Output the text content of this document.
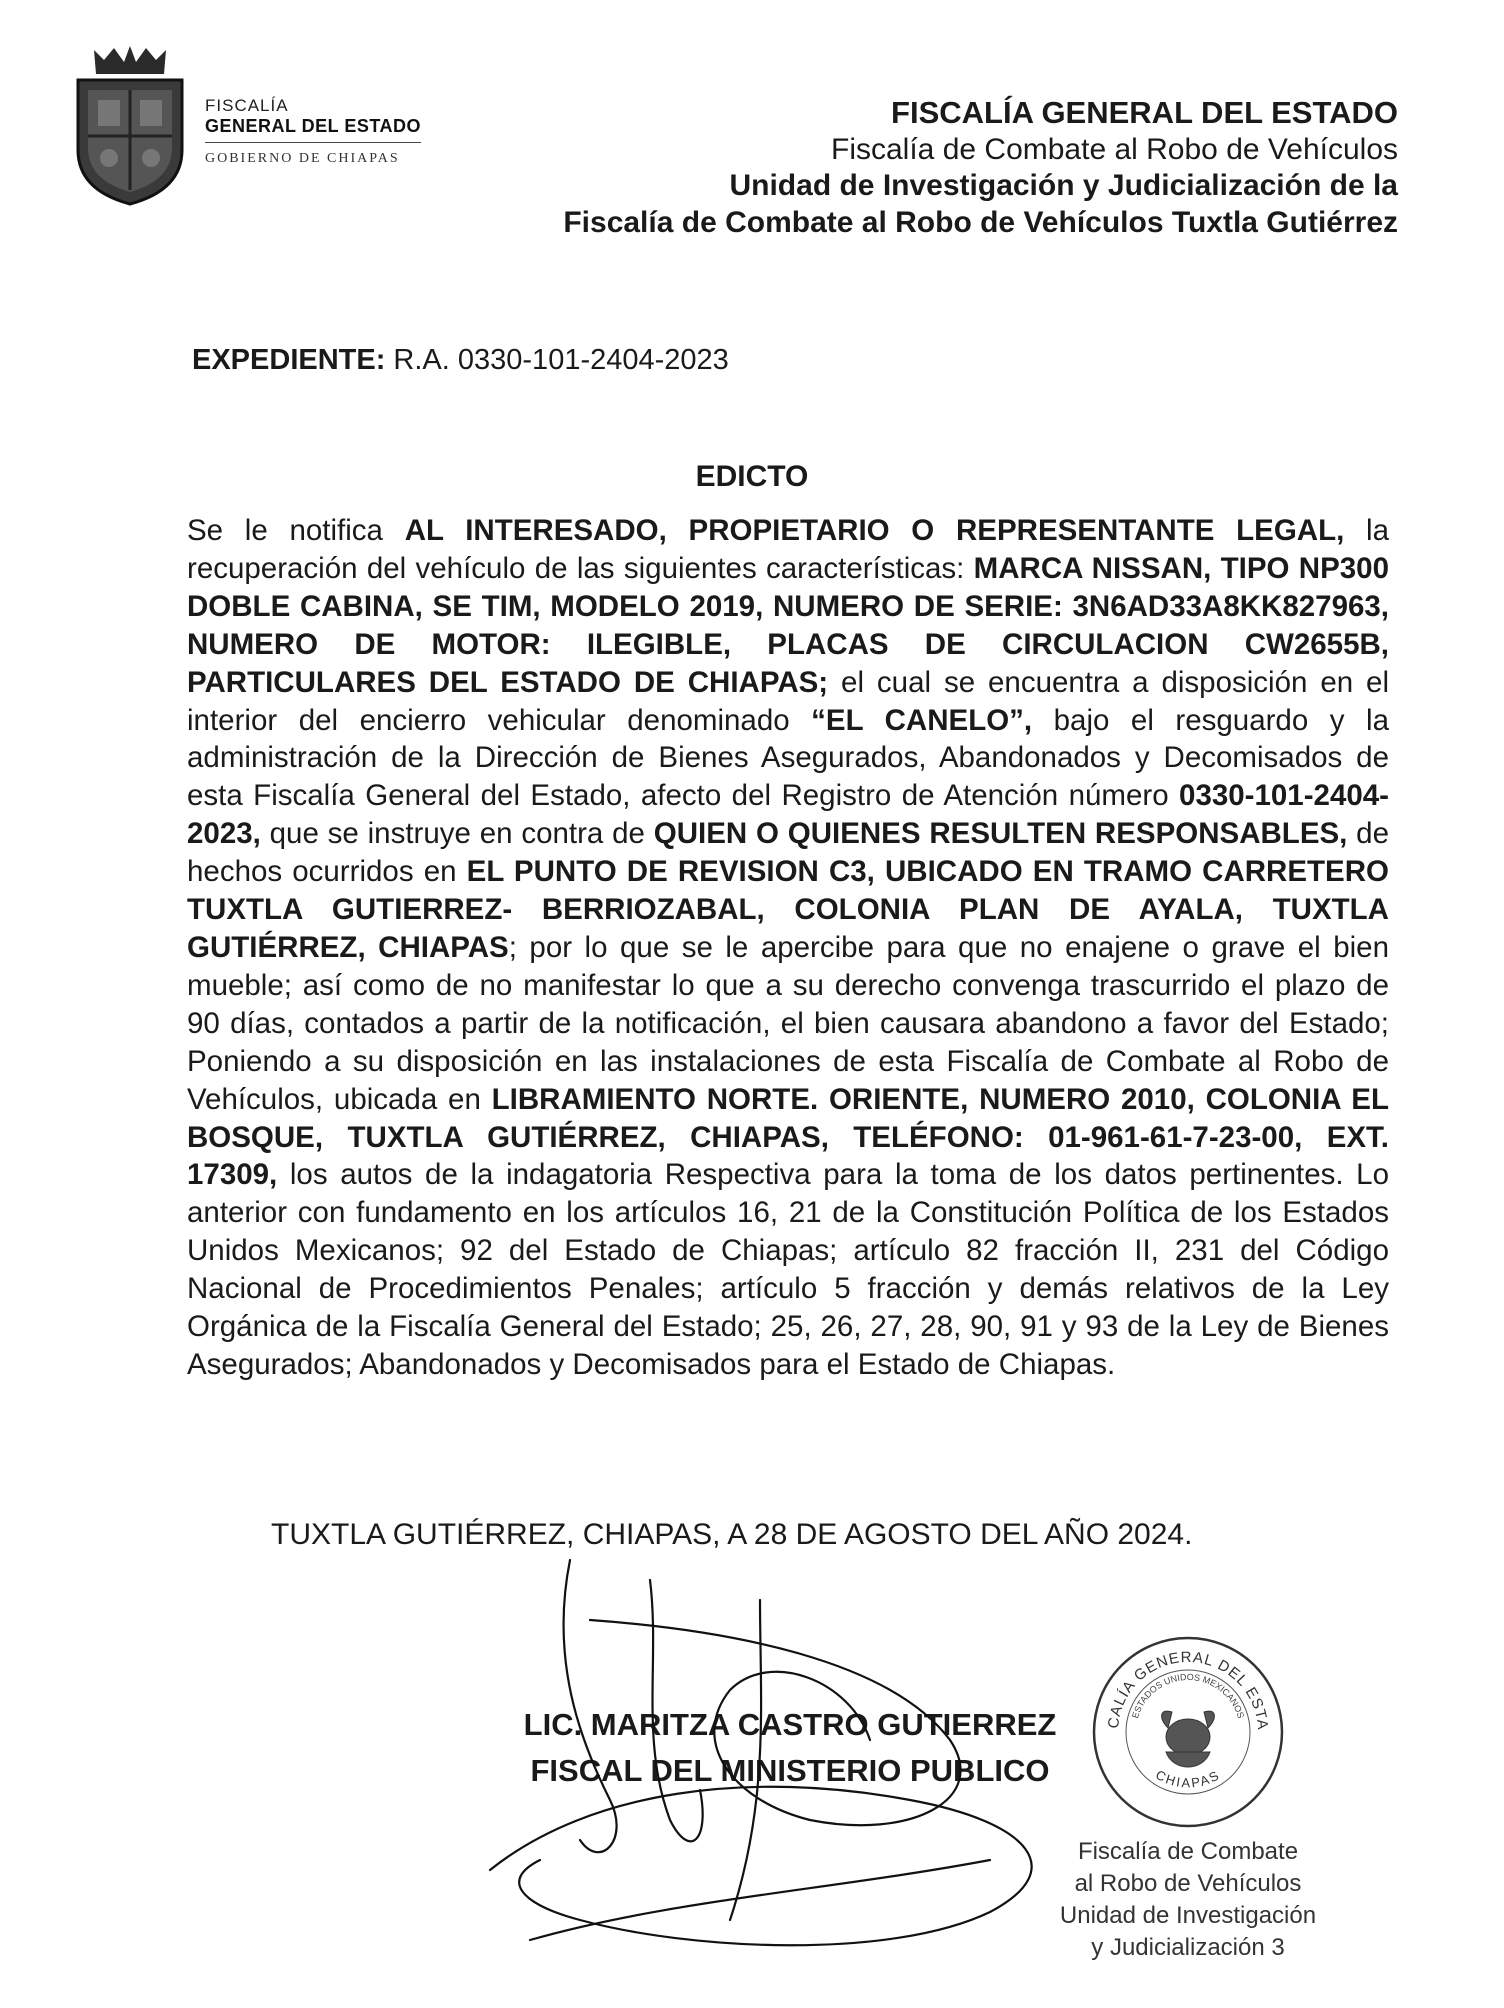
FISCALÍA
GENERAL DEL ESTADO
GOBIERNO DE CHIAPAS
FISCALÍA GENERAL DEL ESTADO
Fiscalía de Combate al Robo de Vehículos
Unidad de Investigación y Judicialización de la
Fiscalía de Combate al Robo de Vehículos Tuxtla Gutiérrez
EXPEDIENTE: R.A. 0330-101-2404-2023
EDICTO
Se le notifica AL INTERESADO, PROPIETARIO O REPRESENTANTE LEGAL, la recuperación del vehículo de las siguientes características: MARCA NISSAN, TIPO NP300 DOBLE CABINA, SE TIM, MODELO 2019, NUMERO DE SERIE: 3N6AD33A8KK827963, NUMERO DE MOTOR: ILEGIBLE, PLACAS DE CIRCULACION CW2655B, PARTICULARES DEL ESTADO DE CHIAPAS; el cual se encuentra a disposición en el interior del encierro vehicular denominado “EL CANELO”, bajo el resguardo y la administración de la Dirección de Bienes Asegurados, Abandonados y Decomisados de esta Fiscalía General del Estado, afecto del Registro de Atención número 0330-101-2404-2023, que se instruye en contra de QUIEN O QUIENES RESULTEN RESPONSABLES, de hechos ocurridos en EL PUNTO DE REVISION C3, UBICADO EN TRAMO CARRETERO TUXTLA GUTIERREZ- BERRIOZABAL, COLONIA PLAN DE AYALA, TUXTLA GUTIÉRREZ, CHIAPAS; por lo que se le apercibe para que no enajene o grave el bien mueble; así como de no manifestar lo que a su derecho convenga trascurrido el plazo de 90 días, contados a partir de la notificación, el bien causara abandono a favor del Estado; Poniendo a su disposición en las instalaciones de esta Fiscalía de Combate al Robo de Vehículos, ubicada en LIBRAMIENTO NORTE. ORIENTE, NUMERO 2010, COLONIA EL BOSQUE, TUXTLA GUTIÉRREZ, CHIAPAS, TELÉFONO: 01-961-61-7-23-00, EXT. 17309, los autos de la indagatoria Respectiva para la toma de los datos pertinentes. Lo anterior con fundamento en los artículos 16, 21 de la Constitución Política de los Estados Unidos Mexicanos; 92 del Estado de Chiapas; artículo 82 fracción II, 231 del Código Nacional de Procedimientos Penales; artículo 5 fracción y demás relativos de la Ley Orgánica de la Fiscalía General del Estado; 25, 26, 27, 28, 90, 91 y 93 de la Ley de Bienes Asegurados; Abandonados y Decomisados para el Estado de Chiapas.
TUXTLA GUTIÉRREZ, CHIAPAS, A 28 DE AGOSTO DEL AÑO 2024.
LIC. MARITZA CASTRO GUTIERREZ
FISCAL DEL MINISTERIO PUBLICO
CALÍA GENERAL DEL ESTA
ESTADOS UNIDOS MEXICANOS
CHIAPAS
Fiscalía de Combate
al Robo de Vehículos
Unidad de Investigación
y Judicialización 3
